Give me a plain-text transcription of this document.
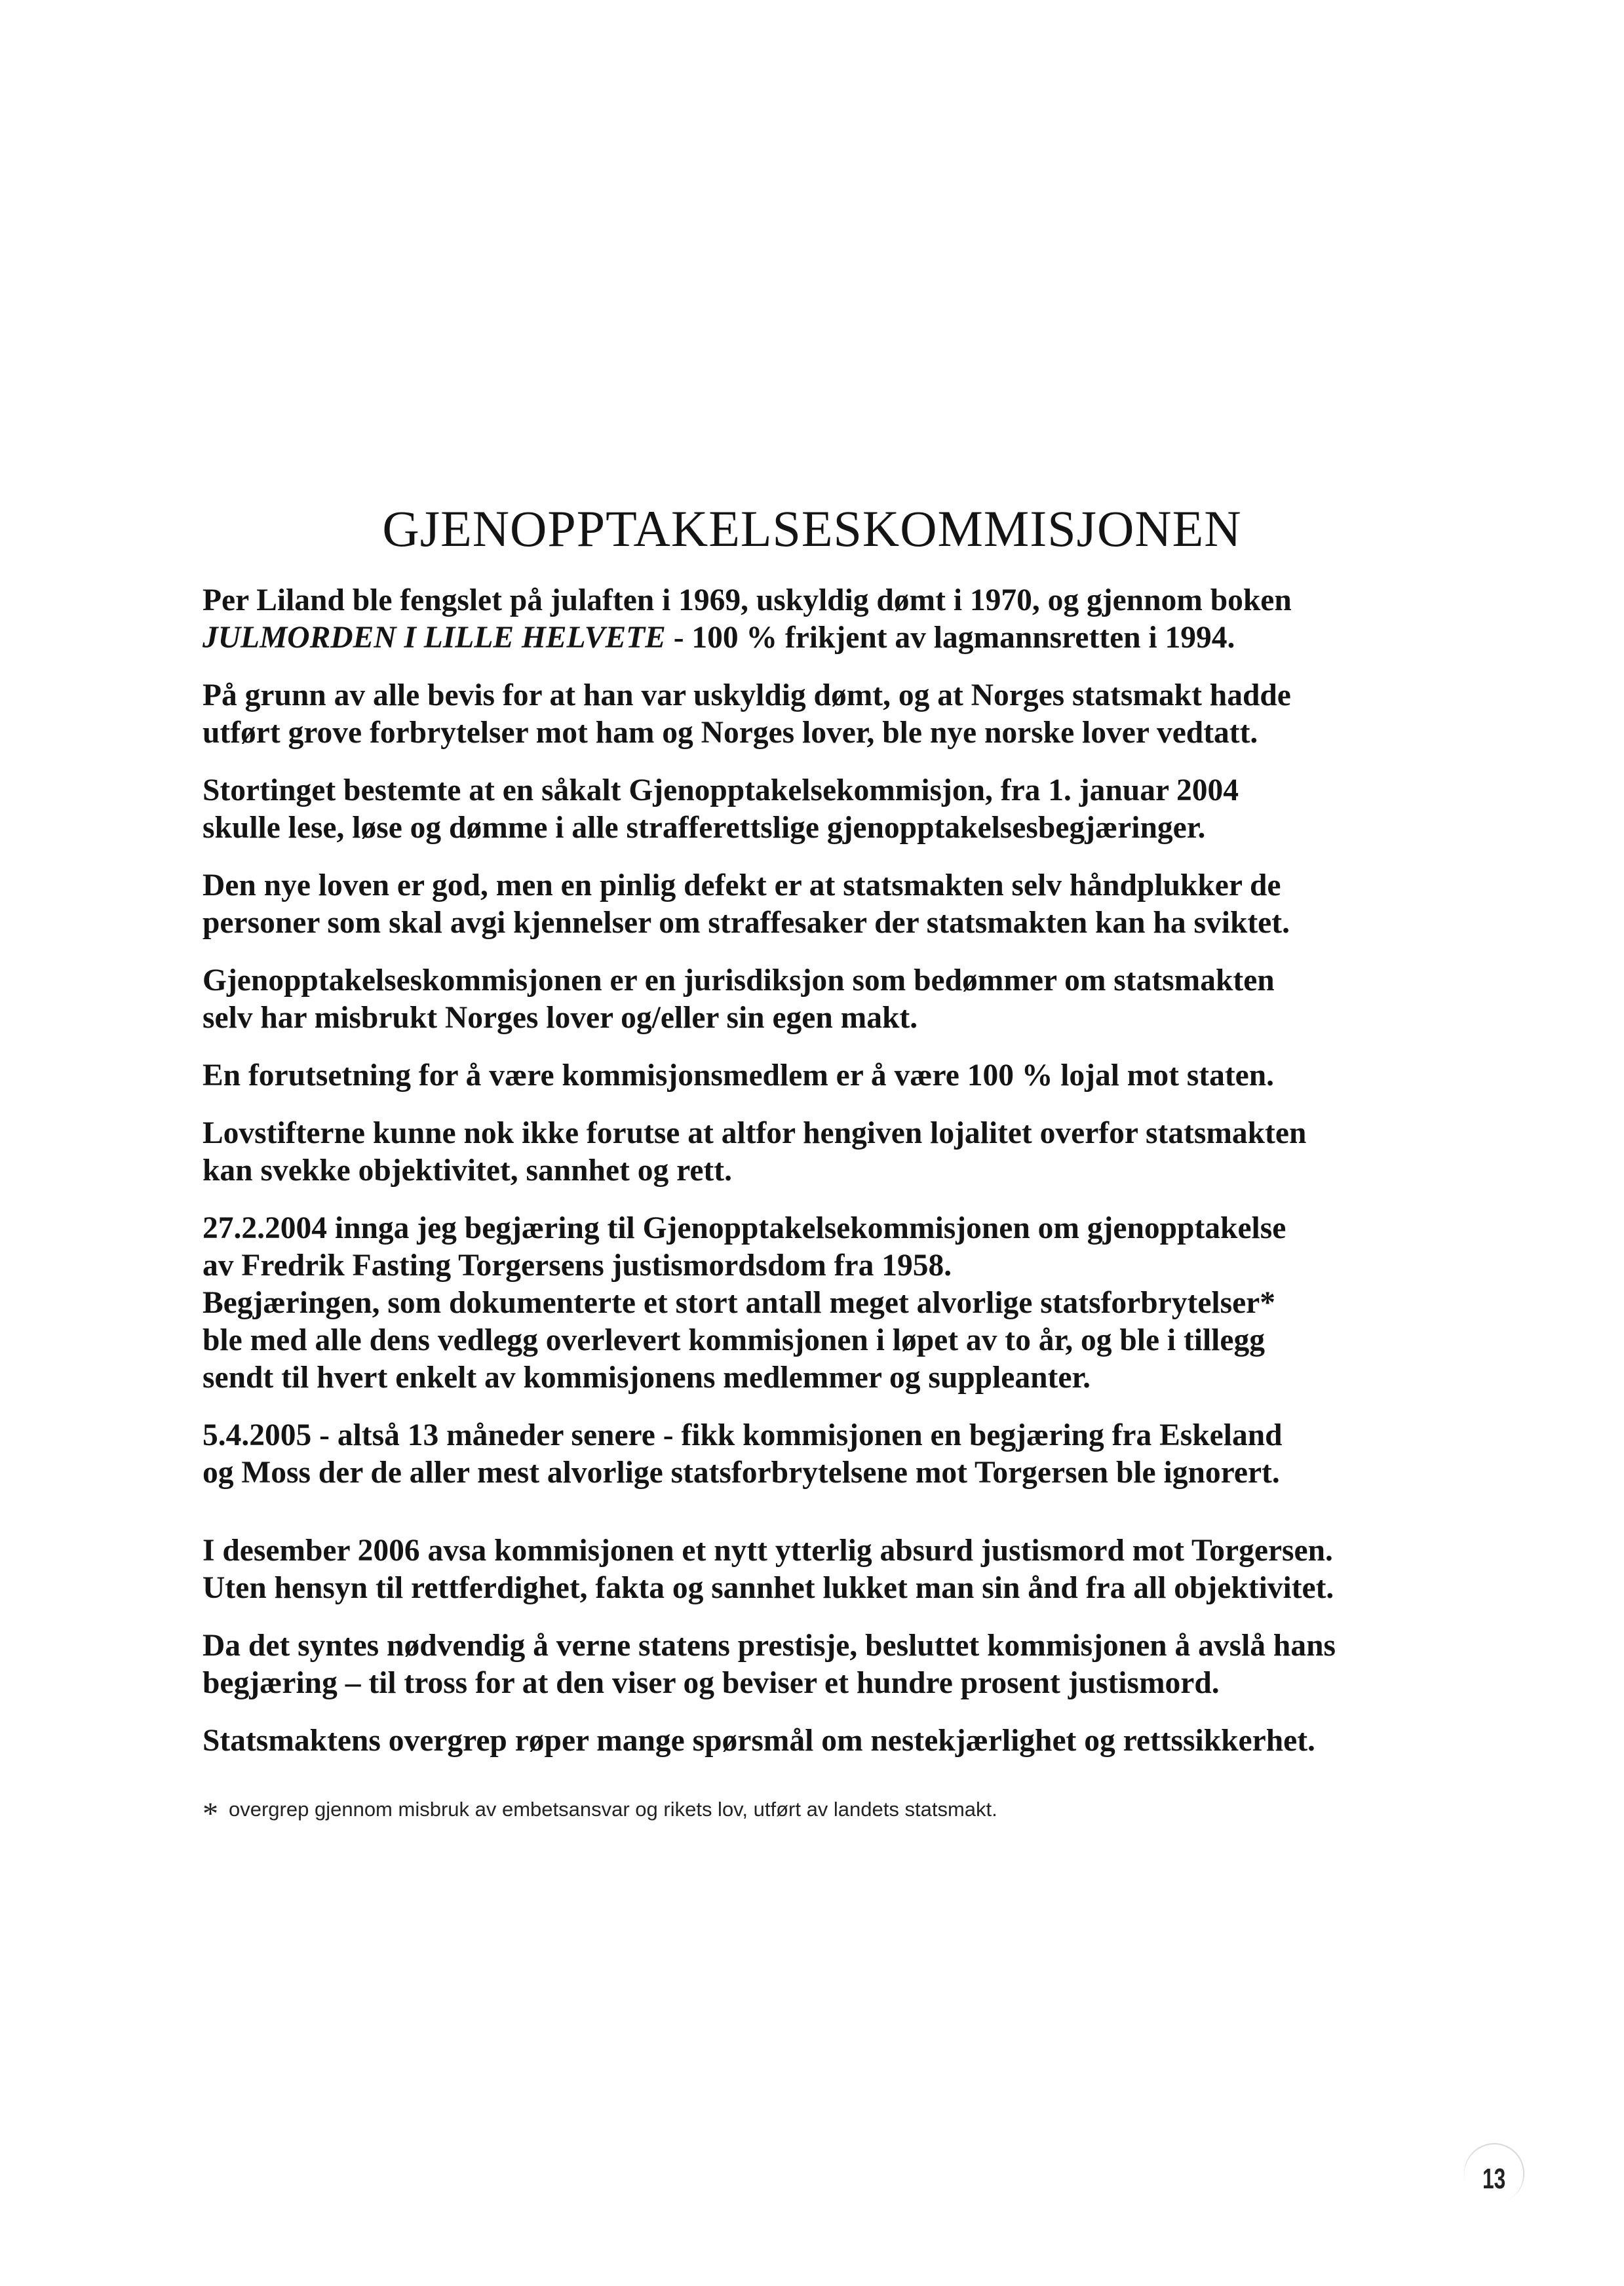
GJENOPPTAKELSESKOMMISJONEN

Per Liland ble fengslet på julaften i 1969, uskyldig dømt i 1970, og gjennom boken
JULMORDEN I LILLE HELVETE - 100 % frikjent av lagmannsretten i 1994.

På grunn av alle bevis for at han var uskyldig dømt, og at Norges statsmakt hadde
utført grove forbrytelser mot ham og Norges lover, ble nye norske lover vedtatt.

Stortinget bestemte at en såkalt Gjenopptakelsekommisjon, fra 1. januar 2004
skulle lese, løse og dømme i alle strafferettslige gjenopptakelsesbegjæringer.

Den nye loven er god, men en pinlig defekt er at statsmakten selv håndplukker de
personer som skal avgi kjennelser om straffesaker der statsmakten kan ha sviktet.

Gjenopptakelseskommisjonen er en jurisdiksjon som bedømmer om statsmakten
selv har misbrukt Norges lover og/eller sin egen makt.

En forutsetning for å være kommisjonsmedlem er å være 100 % lojal mot staten.

Lovstifterne kunne nok ikke forutse at altfor hengiven lojalitet overfor statsmakten
kan svekke objektivitet, sannhet og rett.

27.2.2004 innga jeg begjæring til Gjenopptakelsekommisjonen om gjenopptakelse
av Fredrik Fasting Torgersens justismordsdom fra 1958.
Begjæringen, som dokumenterte et stort antall meget alvorlige statsforbrytelser*
ble med alle dens vedlegg overlevert kommisjonen i løpet av to år, og ble i tillegg
sendt til hvert enkelt av kommisjonens medlemmer og suppleanter.

5.4.2005 - altså 13 måneder senere - fikk kommisjonen en begjæring fra Eskeland
og Moss der de aller mest alvorlige statsforbrytelsene mot Torgersen ble ignorert.

I desember 2006 avsa kommisjonen et nytt ytterlig absurd justismord mot Torgersen.
Uten hensyn til rettferdighet, fakta og sannhet lukket man sin ånd fra all objektivitet.

Da det syntes nødvendig å verne statens prestisje, besluttet kommisjonen å avslå hans
begjæring – til tross for at den viser og beviser et hundre prosent justismord.

Statsmaktens overgrep røper mange spørsmål om nestekjærlighet og rettssikkerhet.

* overgrep gjennom misbruk av embetsansvar og rikets lov, utført av landets statsmakt.
13
